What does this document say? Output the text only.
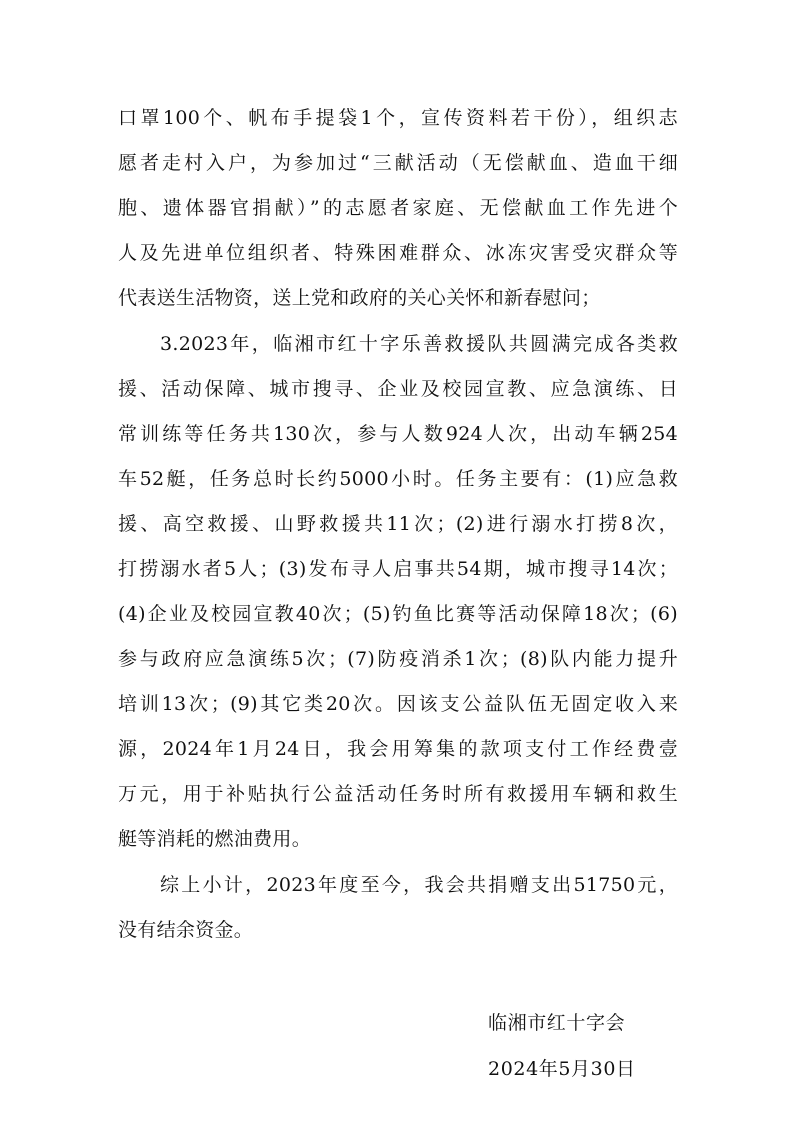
口罩100个、帆布手提袋1个，宣传资料若干份），组织志
愿者走村入户，为参加过“三献活动（无偿献血、造血干细
胞、遗体器官捐献）”的志愿者家庭、无偿献血工作先进个
人及先进单位组织者、特殊困难群众、冰冻灾害受灾群众等
代表送生活物资，送上党和政府的关心关怀和新春慰问；
3.2023年，临湘市红十字乐善救援队共圆满完成各类救
援、活动保障、城市搜寻、企业及校园宣教、应急演练、日
常训练等任务共130次，参与人数924人次，出动车辆254
车52艇，任务总时长约5000小时。任务主要有：(1)应急救
援、高空救援、山野救援共11次；(2)进行溺水打捞8次，
打捞溺水者5人；(3)发布寻人启事共54期，城市搜寻14次；
(4)企业及校园宣教40次；(5)钓鱼比赛等活动保障18次；(6)
参与政府应急演练5次；(7)防疫消杀1次；(8)队内能力提升
培训13次；(9)其它类20次。因该支公益队伍无固定收入来
源，2024年1月24日，我会用筹集的款项支付工作经费壹
万元，用于补贴执行公益活动任务时所有救援用车辆和救生
艇等消耗的燃油费用。
综上小计，2023年度至今，我会共捐赠支出51750元，
没有结余资金。
临湘市红十字会
2024年5月30日
